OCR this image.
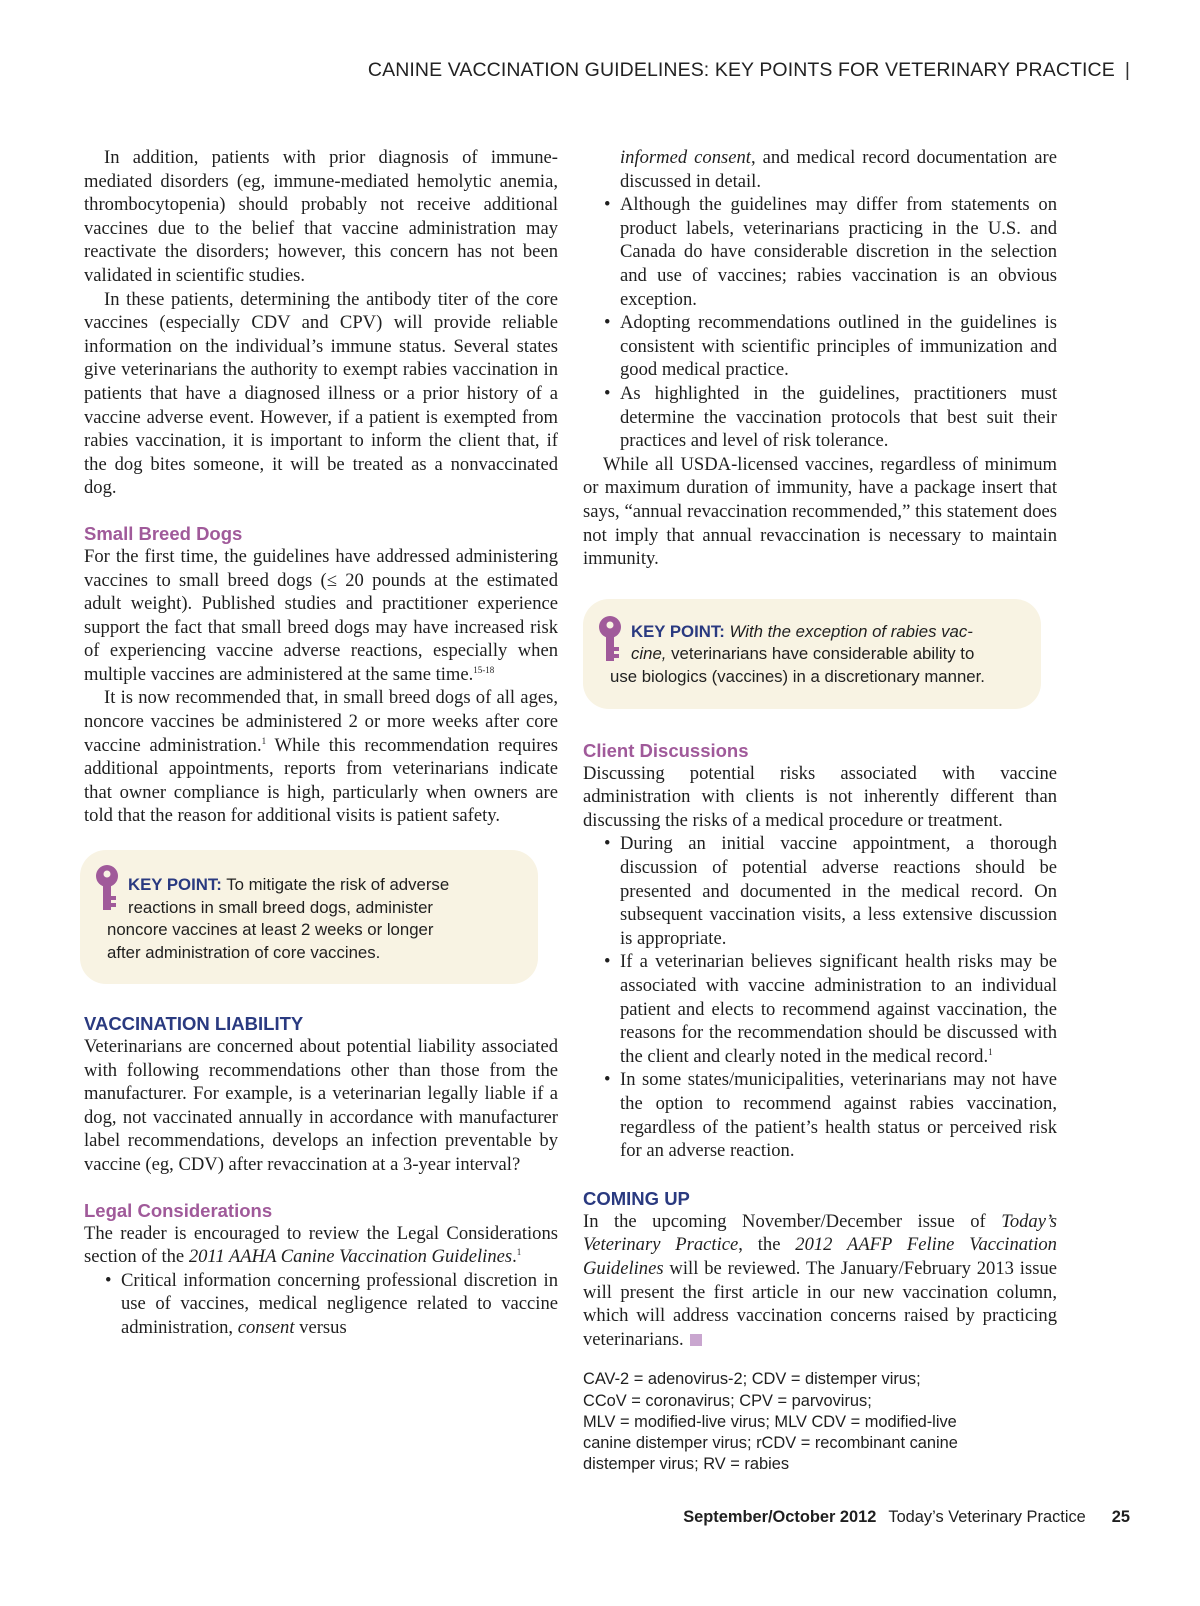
CANINE VACCINATION GUIDELINES: KEY POINTS FOR VETERINARY PRACTICE |

In addition, patients with prior diagnosis of immune-mediated disorders (eg, immune-mediated hemolytic anemia, thrombocytopenia) should probably not receive additional vaccines due to the belief that vaccine administration may reactivate the disorders; however, this concern has not been validated in scientific studies.

In these patients, determining the antibody titer of the core vaccines (especially CDV and CPV) will provide reliable information on the individual’s immune status. Several states give veterinarians the authority to exempt rabies vaccination in patients that have a diagnosed illness or a prior history of a vaccine adverse event. However, if a patient is exempted from rabies vaccination, it is important to inform the client that, if the dog bites someone, it will be treated as a nonvaccinated dog.

Small Breed Dogs

For the first time, the guidelines have addressed administering vaccines to small breed dogs (≤ 20 pounds at the estimated adult weight). Published studies and practitioner experience support the fact that small breed dogs may have increased risk of experiencing vaccine adverse reactions, especially when multiple vaccines are administered at the same time.$^{15-18}$

It is now recommended that, in small breed dogs of all ages, noncore vaccines be administered 2 or more weeks after core vaccine administration.$^1$ While this recommendation requires additional appointments, reports from veterinarians indicate that owner compliance is high, particularly when owners are told that the reason for additional visits is patient safety.

KEY POINT: To mitigate the risk of adverse
reactions in small breed dogs, administer
noncore vaccines at least 2 weeks or longer
after administration of core vaccines.
VACCINATION LIABILITY

Veterinarians are concerned about potential liability associated with following recommendations other than those from the manufacturer. For example, is a veterinarian legally liable if a dog, not vaccinated annually in accordance with manufacturer label recommendations, develops an infection preventable by vaccine (eg, CDV) after revaccination at a 3-year interval?

Legal Considerations

The reader is encouraged to review the Legal Considerations section of the 2011 AAHA Canine Vaccination Guidelines.$^1$

• Critical information concerning professional discretion in use of vaccines, medical negligence related to vaccine administration, consent versus
informed consent, and medical record documentation are discussed in detail.
• Although the guidelines may differ from statements on product labels, veterinarians practicing in the U.S. and Canada do have considerable discretion in the selection and use of vaccines; rabies vaccination is an obvious exception.
• Adopting recommendations outlined in the guidelines is consistent with scientific principles of immunization and good medical practice.
• As highlighted in the guidelines, practitioners must determine the vaccination protocols that best suit their practices and level of risk tolerance.

While all USDA-licensed vaccines, regardless of minimum or maximum duration of immunity, have a package insert that says, “annual revaccination recommended,” this statement does not imply that annual revaccination is necessary to maintain immunity.

KEY POINT: With the exception of rabies vac-
cine, veterinarians have considerable ability to
use biologics (vaccines) in a discretionary manner.
Client Discussions

Discussing potential risks associated with vaccine administration with clients is not inherently different than discussing the risks of a medical procedure or treatment.

• During an initial vaccine appointment, a thorough discussion of potential adverse reactions should be presented and documented in the medical record. On subsequent vaccination visits, a less extensive discussion is appropriate.
• If a veterinarian believes significant health risks may be associated with vaccine administration to an individual patient and elects to recommend against vaccination, the reasons for the recommendation should be discussed with the client and clearly noted in the medical record.$^1$
• In some states/municipalities, veterinarians may not have the option to recommend against rabies vaccination, regardless of the patient’s health status or perceived risk for an adverse reaction.
COMING UP

In the upcoming November/December issue of Today’s Veterinary Practice, the 2012 AAFP Feline Vaccination Guidelines will be reviewed. The January/February 2013 issue will present the first article in our new vaccination column, which will address vaccination concerns raised by practicing veterinarians.

CAV-2 = adenovirus-2; CDV = distemper virus;
CCoV = coronavirus; CPV = parvovirus;
MLV = modified-live virus; MLV CDV = modified-live
canine distemper virus; rCDV = recombinant canine
distemper virus; RV = rabies
September/October 2012 Today’s Veterinary Practice 25
